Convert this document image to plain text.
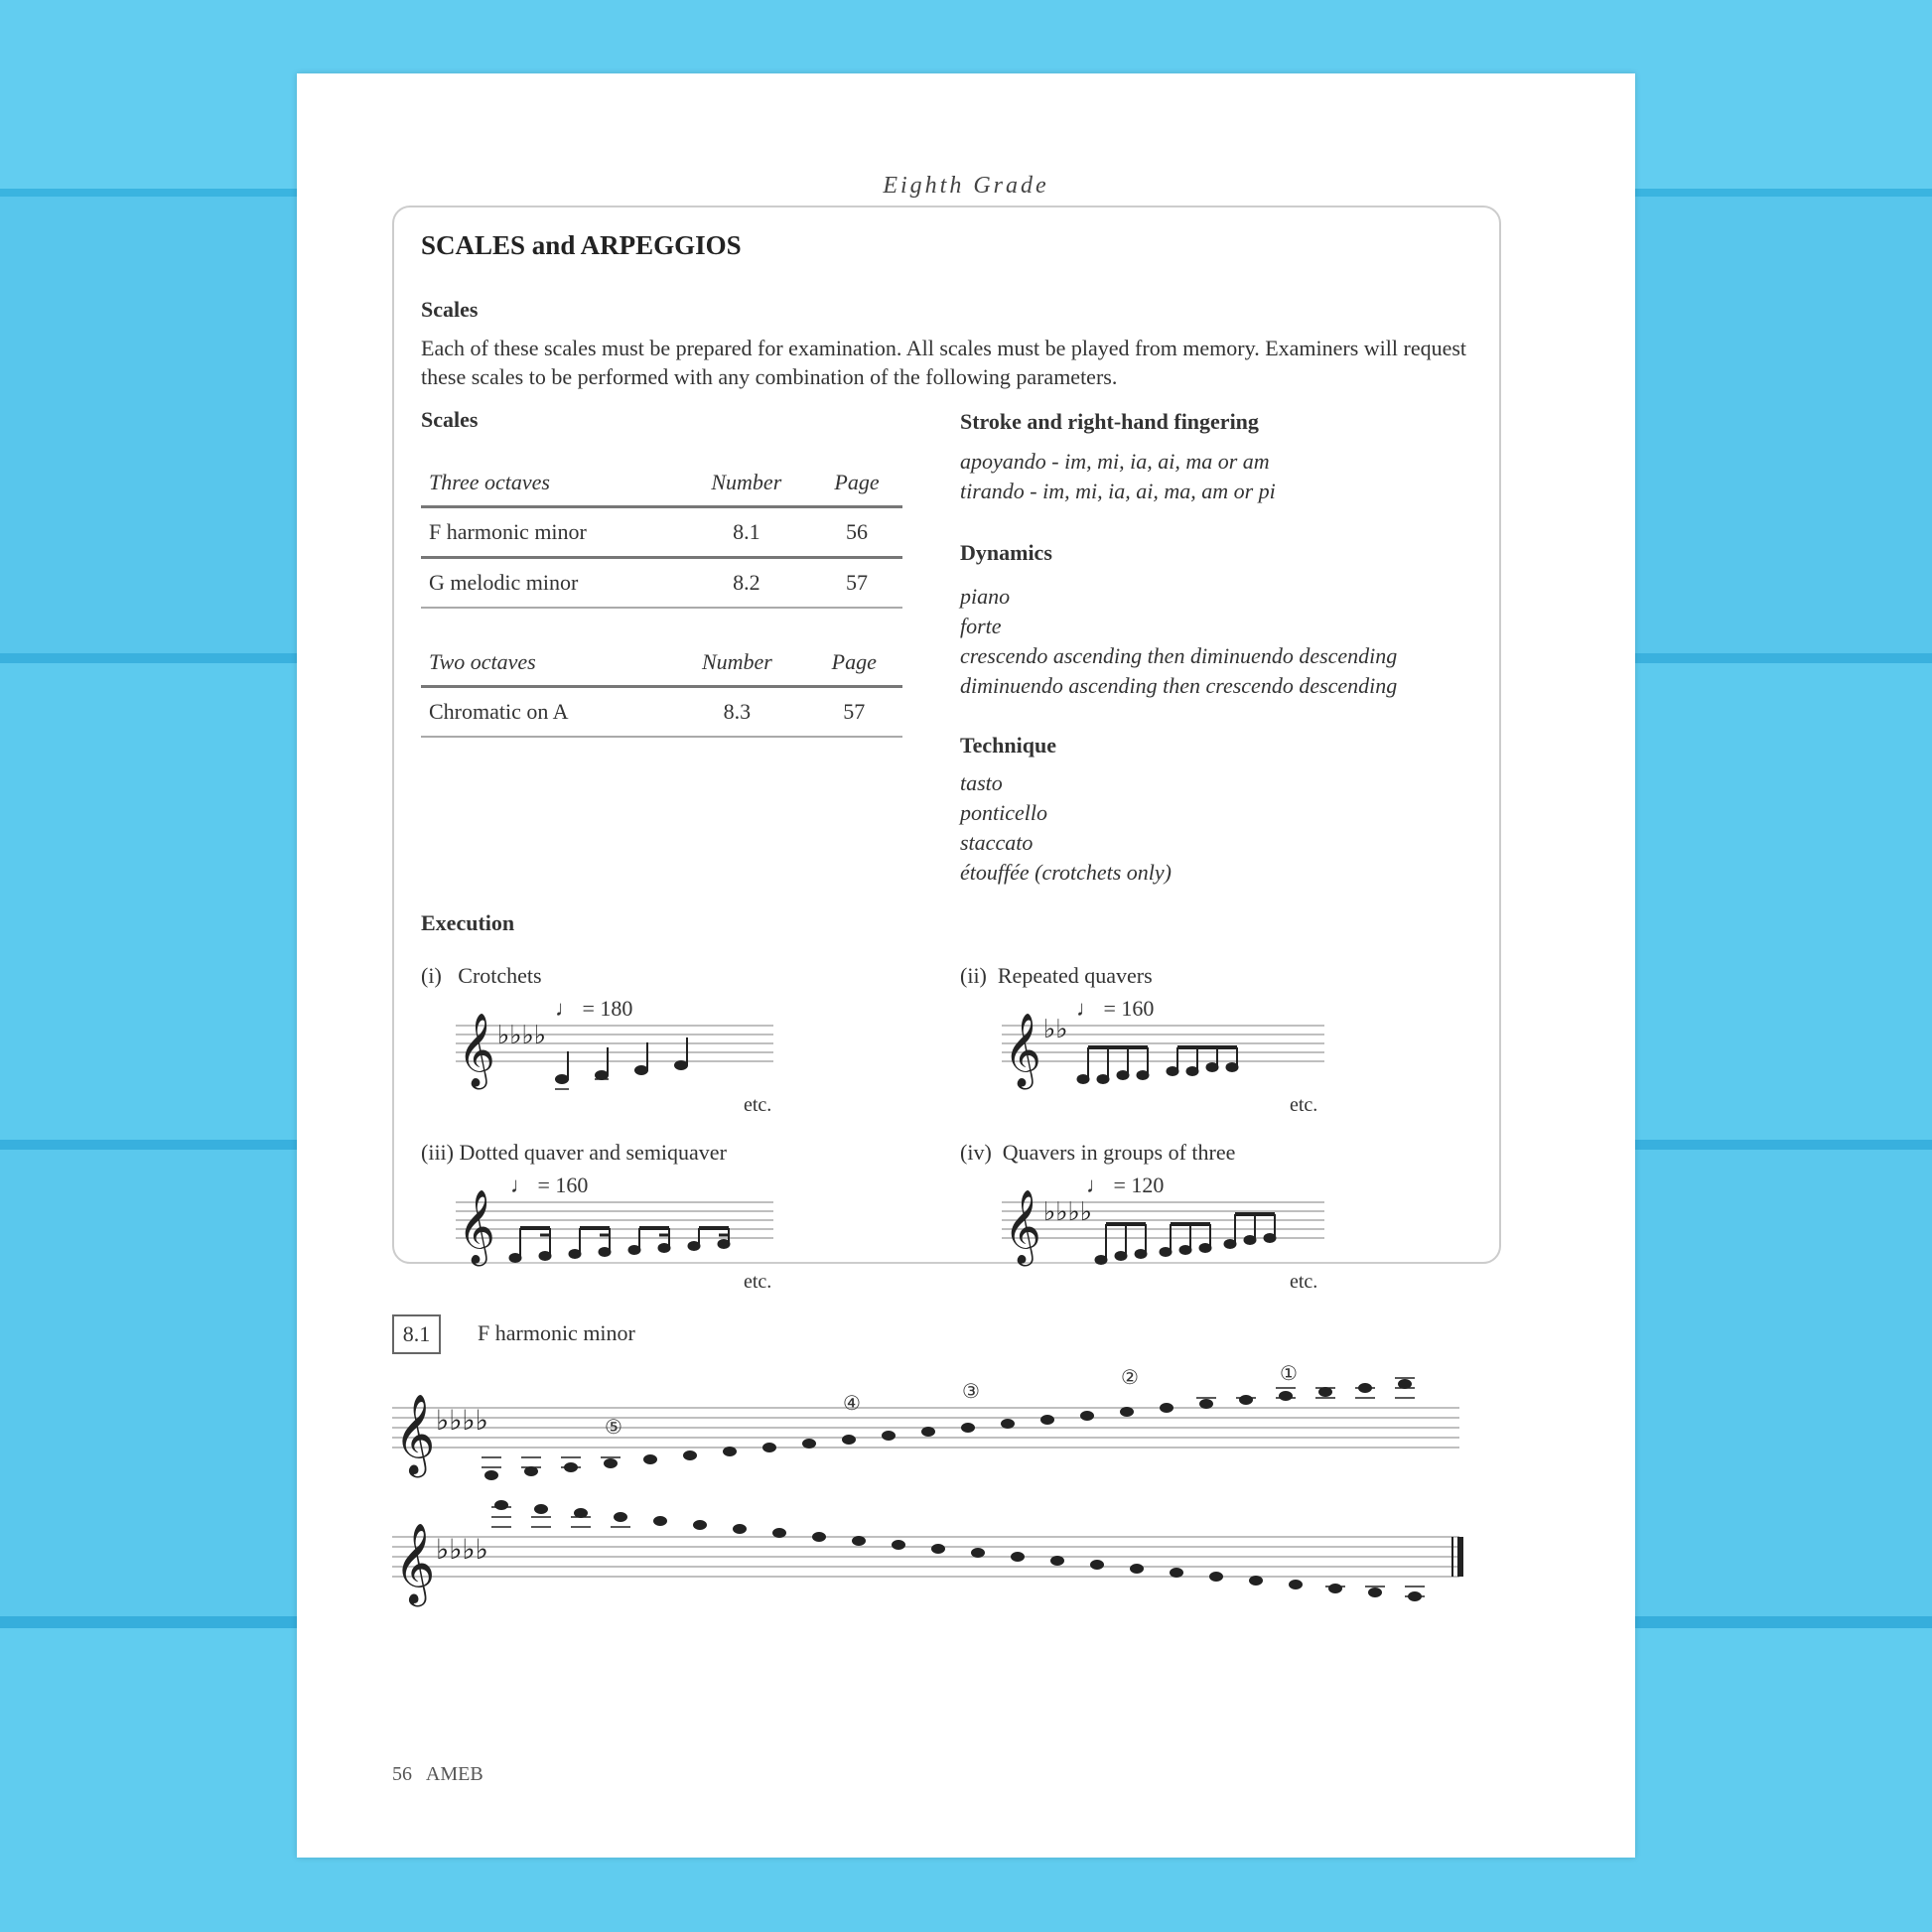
Eighth Grade
SCALES and ARPEGGIOS
Scales
Each of these scales must be prepared for examination. All scales must be played from memory. Examiners will request these scales to be performed with any combination of the following parameters.
Scales
Three octaves	Number	Page
F harmonic minor	8.1	56
G melodic minor	8.2	57
Two octaves	Number	Page
Chromatic on A	8.3	57
Stroke and right-hand fingering
apoyando - im, mi, ia, ai, ma or am
tirando - im, mi, ia, ai, ma, am or pi
Dynamics
piano
forte
crescendo ascending then diminuendo descending
diminuendo ascending then crescendo descending
Technique
tasto
ponticello
staccato
étouffée (crotchets only)
Execution
(i)   Crotchets	(ii)  Repeated quavers
(iii) Dotted quaver and semiquaver	(iv)  Quavers in groups of three
♩ = 180
𝄞 ♭♭♭♭
etc.
♩ = 160
𝄞 ♭♭
etc.
♩ = 160
𝄞
etc.
♩ = 120
𝄞 ♭♭♭♭
etc.
8.1	F harmonic minor
𝄞 ♭♭♭♭	⑤
④
③
②	①
𝄞 ♭♭♭♭
56   AMEB
